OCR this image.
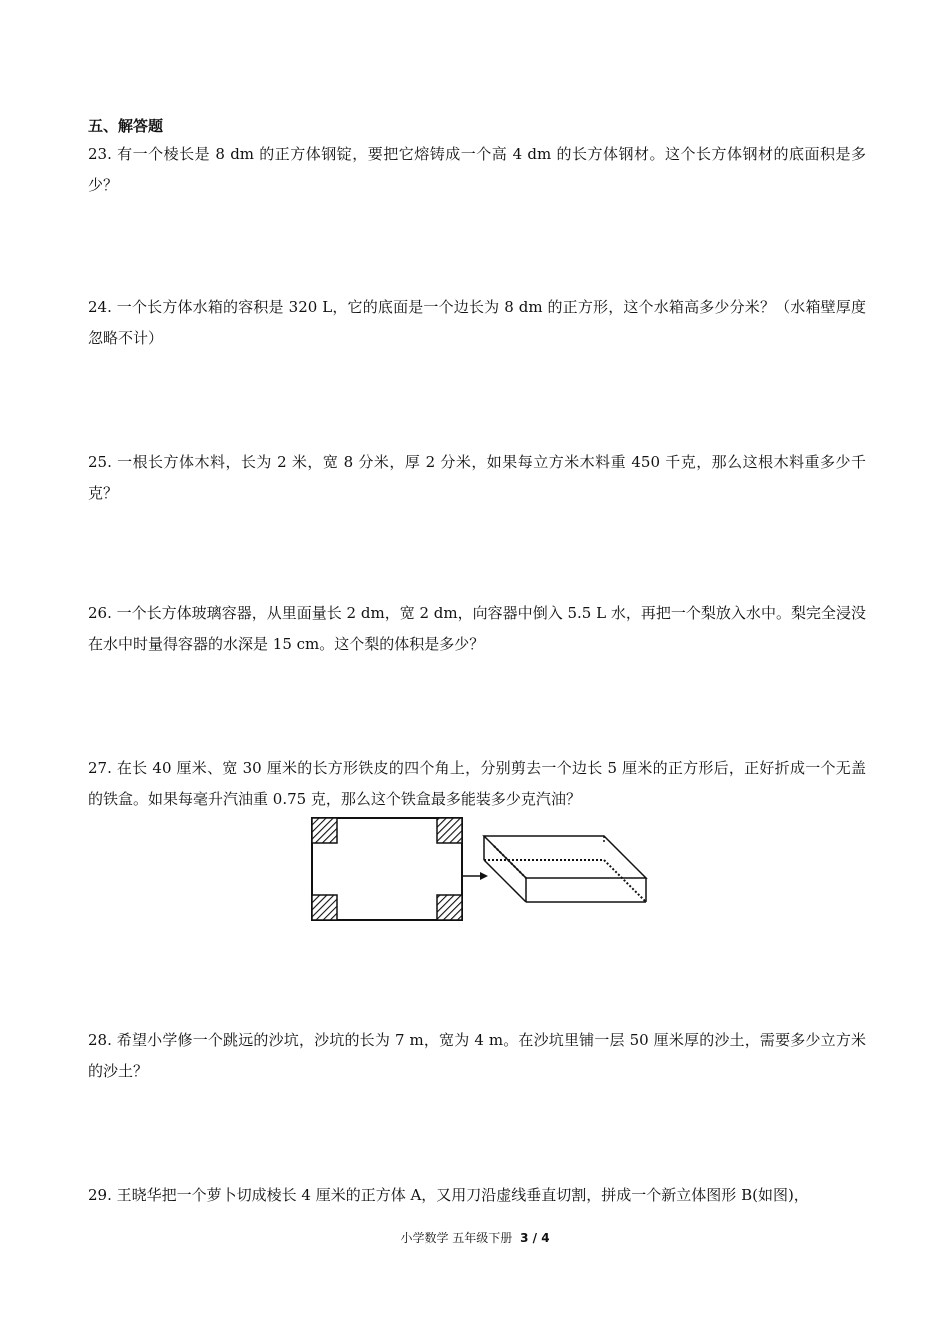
五、解答题
23. 有一个棱长是 8 dm 的正方体钢锭，要把它熔铸成一个高 4 dm 的长方体钢材。这个长方体钢材的底面积是多少？
24. 一个长方体水箱的容积是 320 L，它的底面是一个边长为 8 dm 的正方形，这个水箱高多少分米？（水箱壁厚度忽略不计）
25. 一根长方体木料，长为 2 米，宽 8 分米，厚 2 分米，如果每立方米木料重 450 千克，那么这根木料重多少千克？
26. 一个长方体玻璃容器，从里面量长 2 dm，宽 2 dm，向容器中倒入 5.5 L 水，再把一个梨放入水中。梨完全浸没在水中时量得容器的水深是 15 cm。这个梨的体积是多少？
27. 在长 40 厘米、宽 30 厘米的长方形铁皮的四个角上，分别剪去一个边长 5 厘米的正方形后，正好折成一个无盖的铁盒。如果每毫升汽油重 0.75 克，那么这个铁盒最多能装多少克汽油？
28. 希望小学修一个跳远的沙坑，沙坑的长为 7 m，宽为 4 m。在沙坑里铺一层 50 厘米厚的沙土，需要多少立方米的沙土？
29. 王晓华把一个萝卜切成棱长 4 厘米的正方体 A，又用刀沿虚线垂直切割，拼成一个新立体图形 B(如图)，
小学数学 五年级下册 3 / 4
